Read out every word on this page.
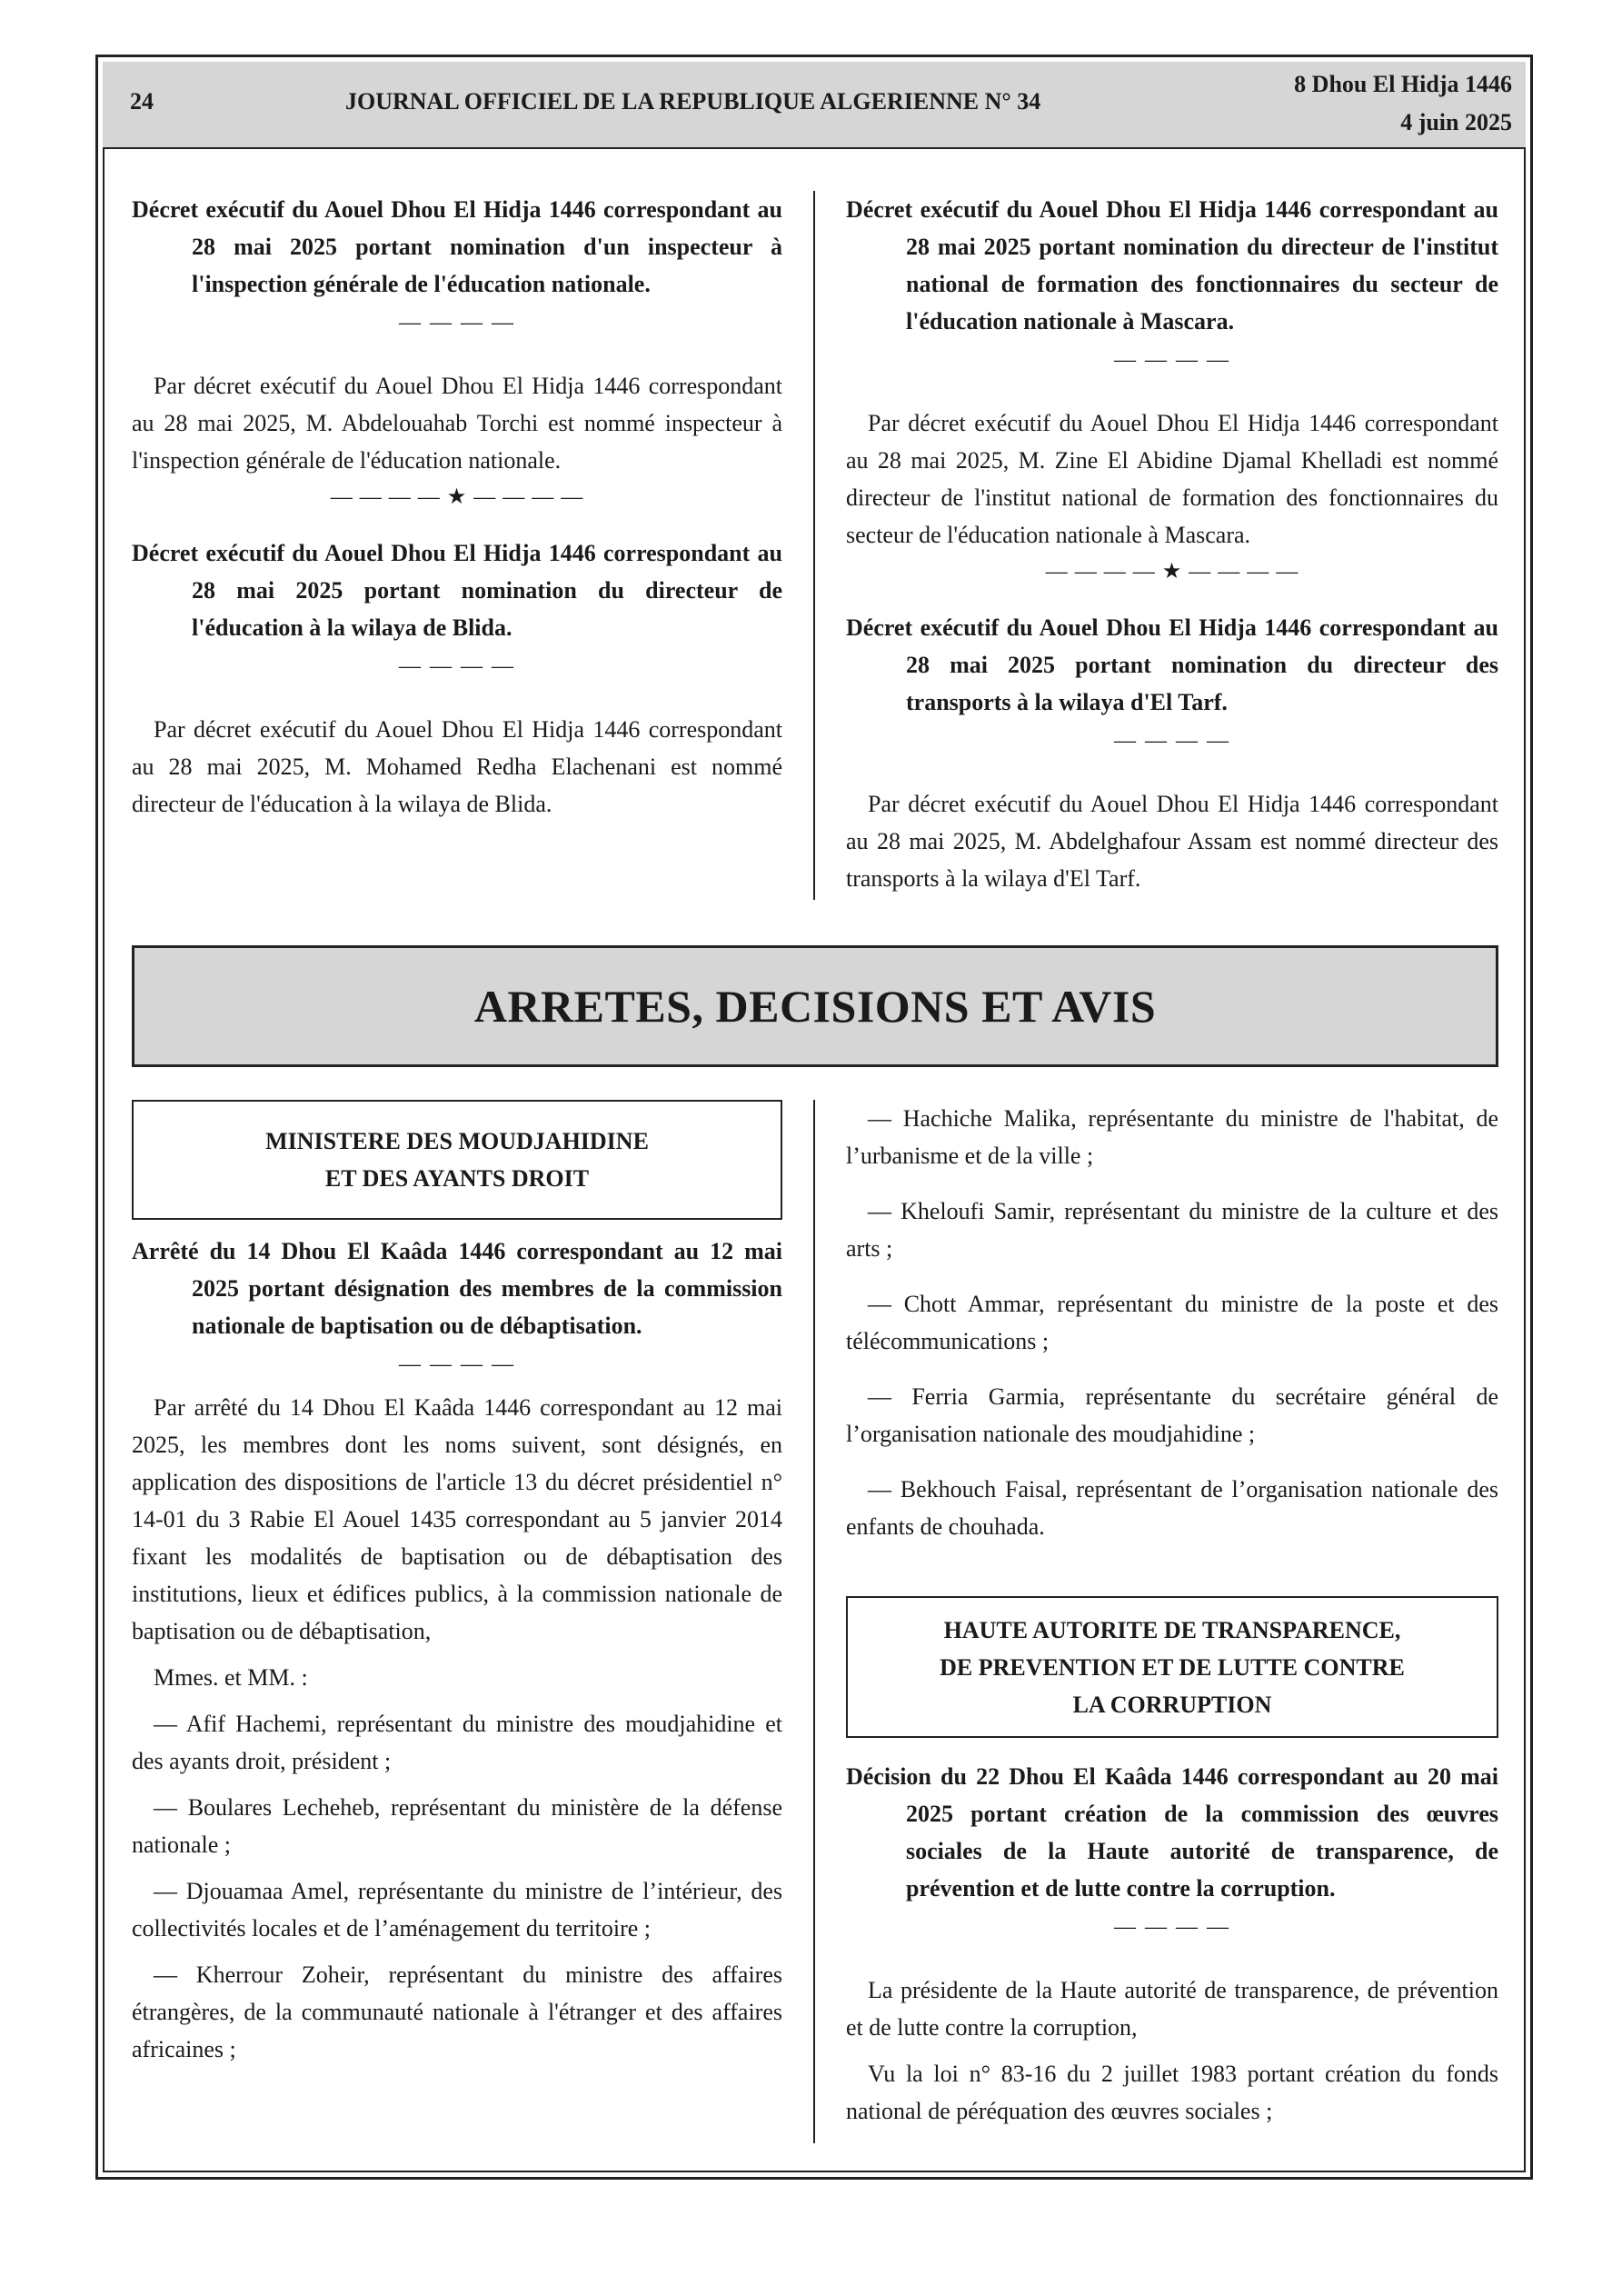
24	JOURNAL OFFICIEL DE LA REPUBLIQUE ALGERIENNE N° 34
8 Dhou El Hidja 1446
4 juin 2025

Décret exécutif du Aouel Dhou El Hidja 1446 correspondant au 28 mai 2025 portant nomination d'un inspecteur à l'inspection générale de l'éducation nationale.

— — — —

Par décret exécutif du Aouel Dhou El Hidja 1446 correspondant au 28 mai 2025, M. Abdelouahab Torchi est nommé inspecteur à l'inspection générale de l'éducation nationale.

— — — — ★ — — — —

Décret exécutif du Aouel Dhou El Hidja 1446 correspondant au 28 mai 2025 portant nomination du directeur de l'éducation à la wilaya de Blida.

— — — —

Par décret exécutif du Aouel Dhou El Hidja 1446 correspondant au 28 mai 2025, M. Mohamed Redha Elachenani est nommé directeur de l'éducation à la wilaya de Blida.

Décret exécutif du Aouel Dhou El Hidja 1446 correspondant au 28 mai 2025 portant nomination du directeur de l'institut national de formation des fonctionnaires du secteur de l'éducation nationale à Mascara.

— — — —

Par décret exécutif du Aouel Dhou El Hidja 1446 correspondant au 28 mai 2025, M. Zine El Abidine Djamal Khelladi est nommé directeur de l'institut national de formation des fonctionnaires du secteur de l'éducation nationale à Mascara.

— — — — ★ — — — —

Décret exécutif du Aouel Dhou El Hidja 1446 correspondant au 28 mai 2025 portant nomination du directeur des transports à la wilaya d'El Tarf.

— — — —

Par décret exécutif du Aouel Dhou El Hidja 1446 correspondant au 28 mai 2025, M. Abdelghafour Assam est nommé directeur des transports à la wilaya d'El Tarf.

ARRETES, DECISIONS ET AVIS
MINISTERE DES MOUDJAHIDINE
ET DES AYANTS DROIT

Arrêté du 14 Dhou El Kaâda 1446 correspondant au 12 mai 2025 portant désignation des membres de la commission nationale de baptisation ou de débaptisation.

— — — —

Par arrêté du 14 Dhou El Kaâda 1446 correspondant au 12 mai 2025, les membres dont les noms suivent, sont désignés, en application des dispositions de l'article 13 du décret présidentiel n° 14-01 du 3 Rabie El Aouel 1435 correspondant au 5 janvier 2014 fixant les modalités de baptisation ou de débaptisation des institutions, lieux et édifices publics, à la commission nationale de baptisation ou de débaptisation,

Mmes. et MM. :

— Afif Hachemi, représentant du ministre des moudjahidine et des ayants droit, président ;

— Boulares Lecheheb, représentant du ministère de la défense nationale ;

— Djouamaa Amel, représentante du ministre de l’intérieur, des collectivités locales et de l’aménagement du territoire ;

— Kherrour Zoheir, représentant du ministre des affaires étrangères, de la communauté nationale à l'étranger et des affaires africaines ;

— Hachiche Malika, représentante du ministre de l'habitat, de l’urbanisme et de la ville ;

— Kheloufi Samir, représentant du ministre de la culture et des arts ;

— Chott Ammar, représentant du ministre de la poste et des télécommunications ;

— Ferria Garmia, représentante du secrétaire général de l’organisation nationale des moudjahidine ;

— Bekhouch Faisal, représentant de l’organisation nationale des enfants de chouhada.

HAUTE AUTORITE DE TRANSPARENCE,
DE PREVENTION ET DE LUTTE CONTRE
LA CORRUPTION

Décision du 22 Dhou El Kaâda 1446 correspondant au 20 mai 2025 portant création de la commission des œuvres sociales de la Haute autorité de transparence, de prévention et de lutte contre la corruption.

— — — —

La présidente de la Haute autorité de transparence, de prévention et de lutte contre la corruption,

Vu la loi n° 83-16 du 2 juillet 1983 portant création du fonds national de péréquation des œuvres sociales ;
